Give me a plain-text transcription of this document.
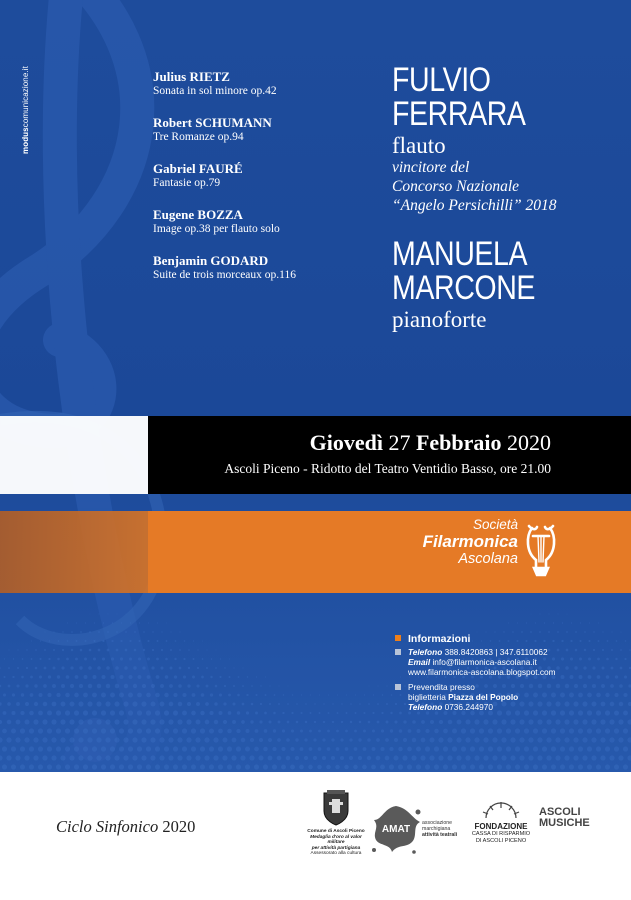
moduscomunicazione.it	Julius RIETZ
Sonata in sol minore op.42
Robert SCHUMANN
Tre Romanze op.94
Gabriel FAURÉ
Fantasie op.79
Eugene BOZZA
Image op.38 per flauto solo
Benjamin GODARD
Suite de trois morceaux op.116
FULVIO
FERRARA
flauto
vincitore del
Concorso Nazionale
“Angelo Persichilli” 2018
MANUELA
MARCONE
pianoforte
Giovedì 27 Febbraio 2020
Ascoli Piceno - Ridotto del Teatro Ventidio Basso, ore 21.00
Società
Filarmonica
Ascolana
Informazioni
Telefono 388.8420863 | 347.6110062
Email info@filarmonica-ascolana.it
www.filarmonica-ascolana.blogspot.com
Prevendita presso
biglietteria Piazza del Popolo
Telefono 0736.244970
Ciclo Sinfonico 2020	Comune di Ascoli Piceno
Medaglia d'oro al valor militare
per attività partigiana
Assessorato alla cultura
AMAT
associazione
marchigiana
attività teatrali
FONDAZIONE
CASSA DI RISPARMIO
DI ASCOLI PICENO
ASCOLI
MUSICHE
